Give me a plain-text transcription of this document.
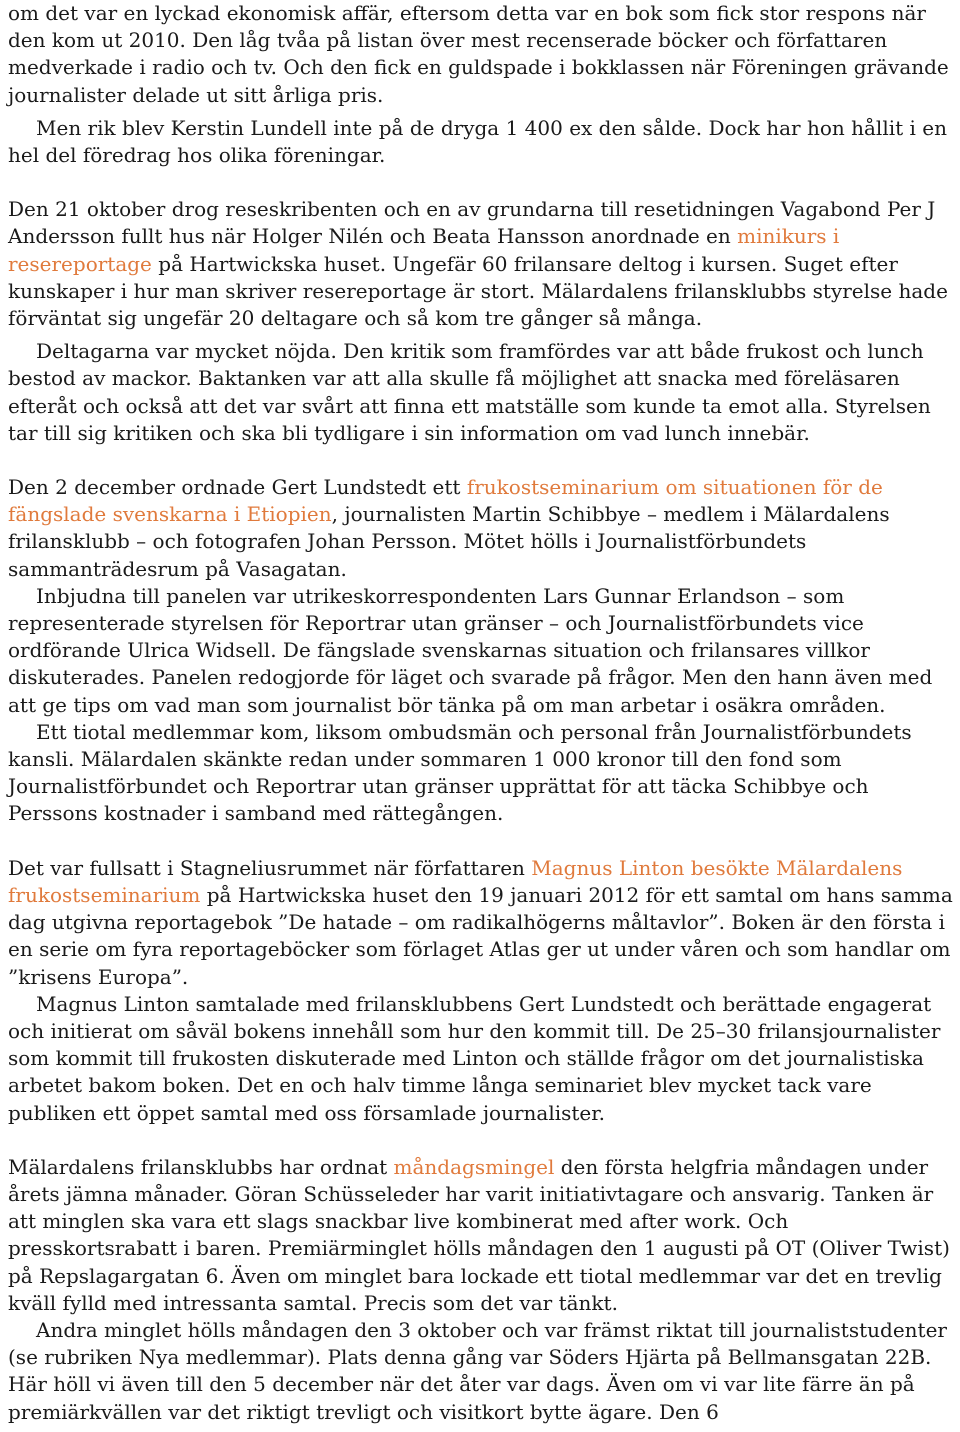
om det var en lyckad ekonomisk affär, eftersom detta var en bok som fick stor respons när den kom ut 2010. Den låg tvåa på listan över mest recenserade böcker och författaren medverkade i radio och tv. Och den fick en guldspade i bokklassen när Föreningen grävande journalister delade ut sitt årliga pris.

Men rik blev Kerstin Lundell inte på de dryga 1 400 ex den sålde. Dock har hon hållit i en hel del föredrag hos olika föreningar.

Den 21 oktober drog reseskribenten och en av grundarna till resetidningen Vagabond Per J Andersson fullt hus när Holger Nilén och Beata Hansson anordnade en minikurs i resereportage på Hartwickska huset. Ungefär 60 frilansare deltog i kursen. Suget efter kunskaper i hur man skriver resereportage är stort. Mälardalens frilansklubbs styrelse hade förväntat sig ungefär 20 deltagare och så kom tre gånger så många.

Deltagarna var mycket nöjda. Den kritik som framfördes var att både frukost och lunch bestod av mackor. Baktanken var att alla skulle få möjlighet att snacka med föreläsaren efteråt och också att det var svårt att finna ett matställe som kunde ta emot alla. Styrelsen tar till sig kritiken och ska bli tydligare i sin information om vad lunch innebär.

Den 2 december ordnade Gert Lundstedt ett frukostseminarium om situationen för de fängslade svenskarna i Etiopien, journalisten Martin Schibbye – medlem i Mälardalens frilansklubb – och fotografen Johan Persson. Mötet hölls i Journalistförbundets sammanträdesrum på Vasagatan.

Inbjudna till panelen var utrikeskorrespondenten Lars Gunnar Erlandson – som representerade styrelsen för Reportrar utan gränser – och Journalistförbundets vice ordförande Ulrica Widsell. De fängslade svenskarnas situation och frilansares villkor diskuterades. Panelen redogjorde för läget och svarade på frågor. Men den hann även med att ge tips om vad man som journalist bör tänka på om man arbetar i osäkra områden.

Ett tiotal medlemmar kom, liksom ombudsmän och personal från Journalistförbundets kansli. Mälardalen skänkte redan under sommaren 1 000 kronor till den fond som Journalistförbundet och Reportrar utan gränser upprättat för att täcka Schibbye och Perssons kostnader i samband med rättegången.

Det var fullsatt i Stagneliusrummet när författaren Magnus Linton besökte Mälardalens frukostseminarium på Hartwickska huset den 19 januari 2012 för ett samtal om hans samma dag utgivna reportagebok ”De hatade – om radikalhögerns måltavlor”. Boken är den första i en serie om fyra reportageböcker som förlaget Atlas ger ut under våren och som handlar om ”krisens Europa”.

Magnus Linton samtalade med frilansklubbens Gert Lundstedt och berättade engagerat och initierat om såväl bokens innehåll som hur den kommit till. De 25–30 frilansjournalister som kommit till frukosten diskuterade med Linton och ställde frågor om det journalistiska arbetet bakom boken. Det en och halv timme långa seminariet blev mycket tack vare publiken ett öppet samtal med oss församlade journalister.

Mälardalens frilansklubbs har ordnat måndagsmingel den första helgfria måndagen under årets jämna månader. Göran Schüsseleder har varit initiativtagare och ansvarig. Tanken är att minglen ska vara ett slags snackbar live kombinerat med after work. Och presskortsrabatt i baren. Premiärminglet hölls måndagen den 1 augusti på OT (Oliver Twist) på Repslagargatan 6. Även om minglet bara lockade ett tiotal medlemmar var det en trevlig kväll fylld med intressanta samtal. Precis som det var tänkt.

Andra minglet hölls måndagen den 3 oktober och var främst riktat till journaliststudenter (se rubriken Nya medlemmar). Plats denna gång var Söders Hjärta på Bellmansgatan 22B. Här höll vi även till den 5 december när det åter var dags. Även om vi var lite färre än på premiärkvällen var det riktigt trevligt och visitkort bytte ägare. Den 6
